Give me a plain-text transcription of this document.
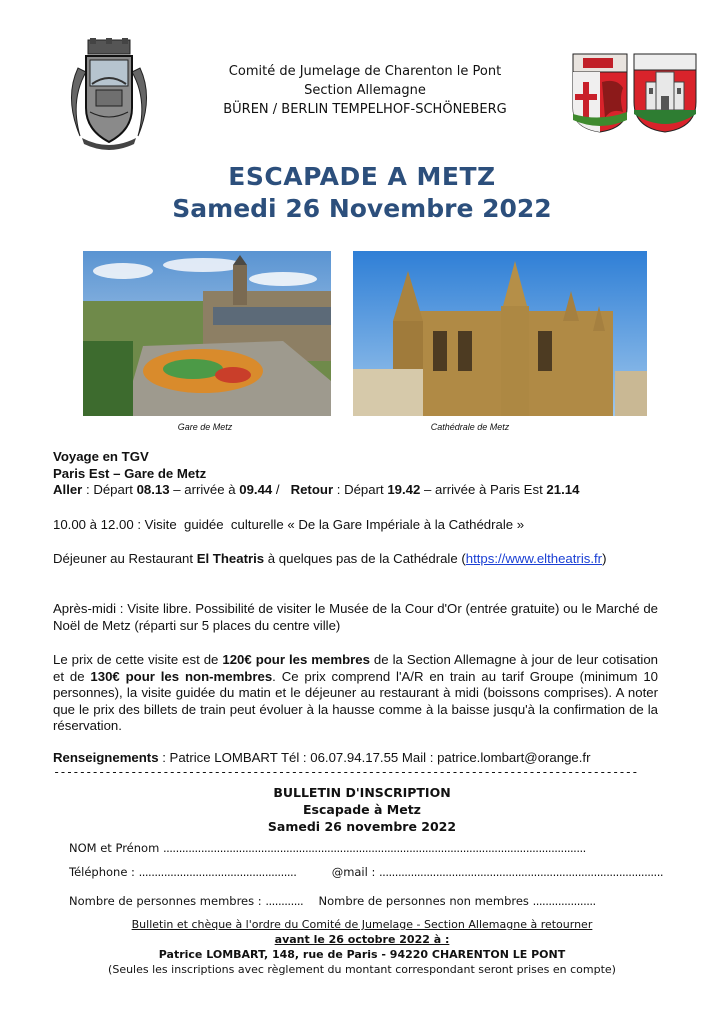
Comité de Jumelage de Charenton le Pont
Section Allemagne
BÜREN / BERLIN TEMPELHOF-SCHÖNEBERG
ESCAPADE A METZ
Samedi 26 Novembre 2022
Gare de Metz	Cathédrale de Metz
Voyage en TGV
Paris Est – Gare de Metz
Aller : Départ 08.13 – arrivée à 09.44 /   Retour : Départ 19.42 – arrivée à Paris Est 21.14
10.00 à 12.00 : Visite  guidée  culturelle « De la Gare Impériale à la Cathédrale »
Déjeuner au Restaurant El Theatris à quelques pas de la Cathédrale (https://www.eltheatris.fr)
Après-midi : Visite libre. Possibilité de visiter le Musée de la Cour d'Or (entrée gratuite) ou le Marché de Noël de Metz (réparti sur 5 places du centre ville)
Le prix de cette visite est de 120€ pour les membres de la Section Allemagne à jour de leur cotisation et de 130€ pour les non-membres. Ce prix comprend l'A/R en train au tarif Groupe (minimum 10 personnes), la visite guidée du matin et le déjeuner au restaurant à midi (boissons comprises). A noter que le prix des billets de train peut évoluer à la hausse comme à la baisse jusqu'à la confirmation de la réservation.
Renseignements : Patrice LOMBART Tél : 06.07.94.17.55 Mail : patrice.lombart@orange.fr
-------------------------------------------------------------------------------------------
BULLETIN D'INSCRIPTION
Escapade à Metz
Samedi 26 novembre 2022
NOM et Prénom ......................................................................................................................................
Téléphone : ..................................................	@mail : ..........................................................................................
Nombre de personnes membres : ............ Nombre de personnes non membres ....................
Bulletin et chèque à l'ordre du Comité de Jumelage - Section Allemagne à retourner
avant le 26 octobre 2022 à :
Patrice LOMBART, 148, rue de Paris - 94220 CHARENTON LE PONT
(Seules les inscriptions avec règlement du montant correspondant seront prises en compte)
